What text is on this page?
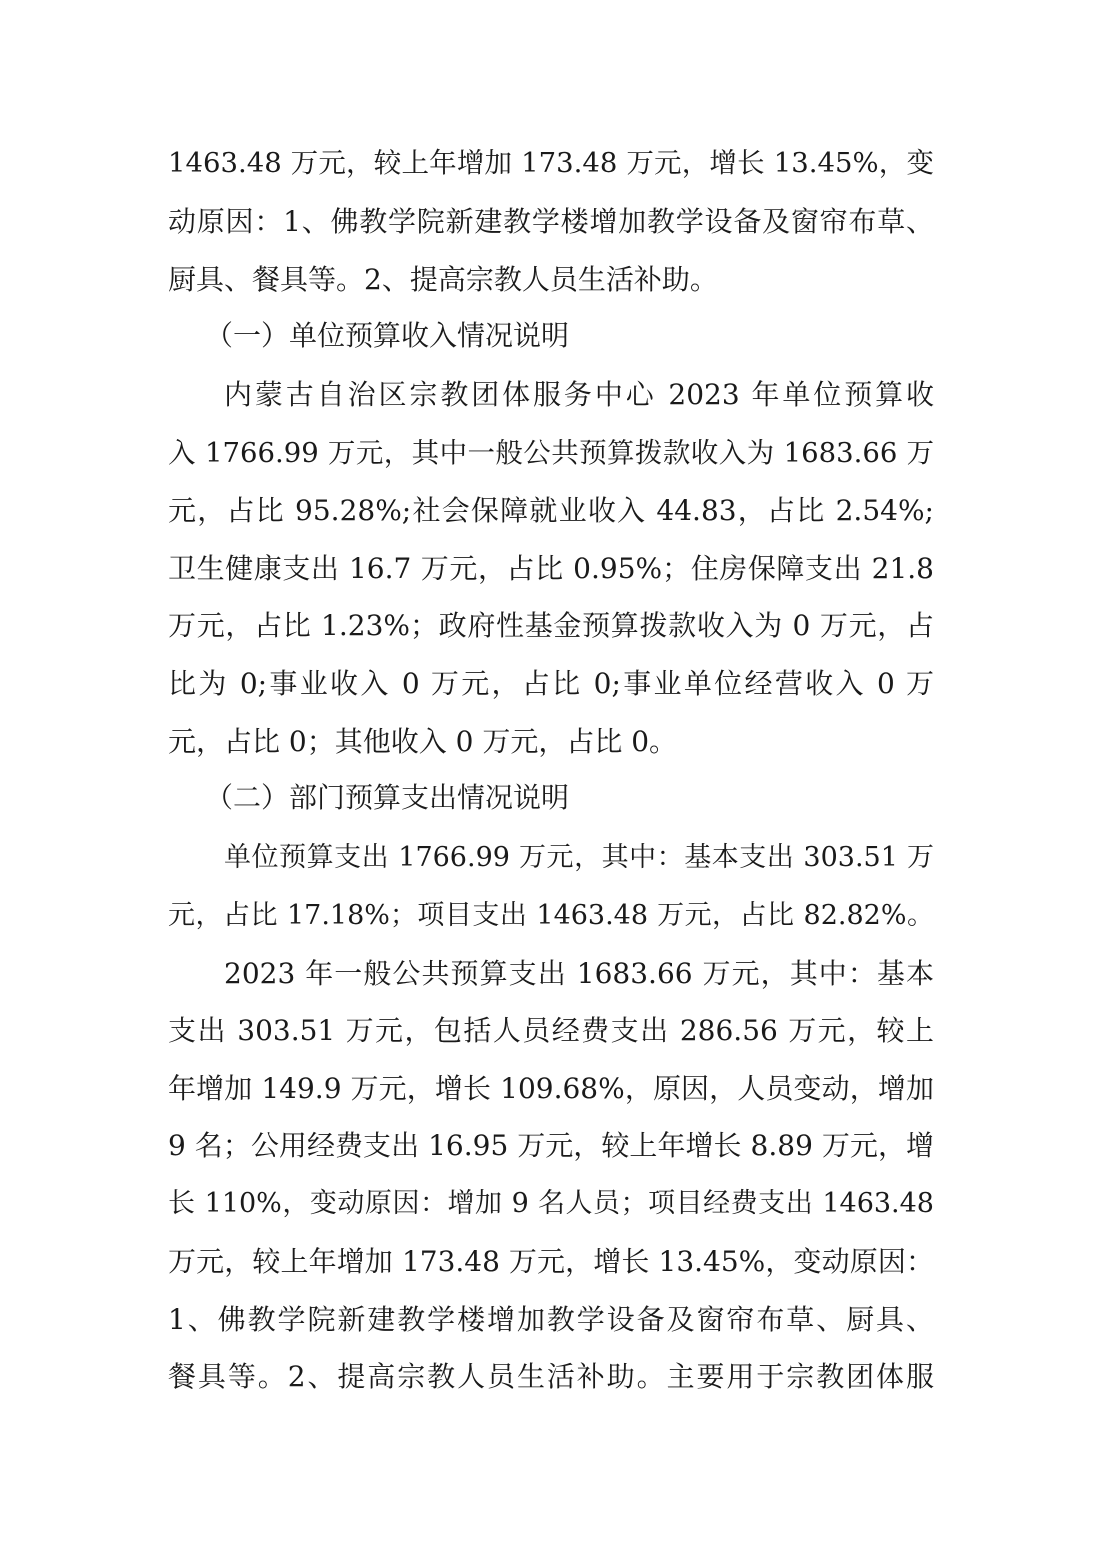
1463.48 万元，较上年增加 173.48 万元，增长 13.45%，变
动原因：1、佛教学院新建教学楼增加教学设备及窗帘布草、
厨具、餐具等。2、提高宗教人员生活补助。
（一）单位预算收入情况说明
内蒙古自治区宗教团体服务中心 2023 年单位预算收
入 1766.99 万元，其中一般公共预算拨款收入为 1683.66 万
元，占比 95.28%;社会保障就业收入 44.83，占比 2.54%;
卫生健康支出 16.7 万元，占比 0.95%；住房保障支出 21.8
万元，占比 1.23%；政府性基金预算拨款收入为 0 万元，占
比为 0;事业收入 0 万元，占比 0;事业单位经营收入 0 万
元，占比 0；其他收入 0 万元，占比 0。
（二）部门预算支出情况说明
单位预算支出 1766.99 万元，其中：基本支出 303.51 万
元，占比 17.18%；项目支出 1463.48 万元，占比 82.82%。
2023 年一般公共预算支出 1683.66 万元，其中：基本
支出 303.51 万元，包括人员经费支出 286.56 万元，较上
年增加 149.9 万元，增长 109.68%，原因，人员变动，增加
9 名；公用经费支出 16.95 万元，较上年增长 8.89 万元，增
长 110%，变动原因：增加 9 名人员；项目经费支出 1463.48
万元，较上年增加 173.48 万元，增长 13.45%，变动原因：
1、佛教学院新建教学楼增加教学设备及窗帘布草、厨具、
餐具等。2、提高宗教人员生活补助。主要用于宗教团体服
